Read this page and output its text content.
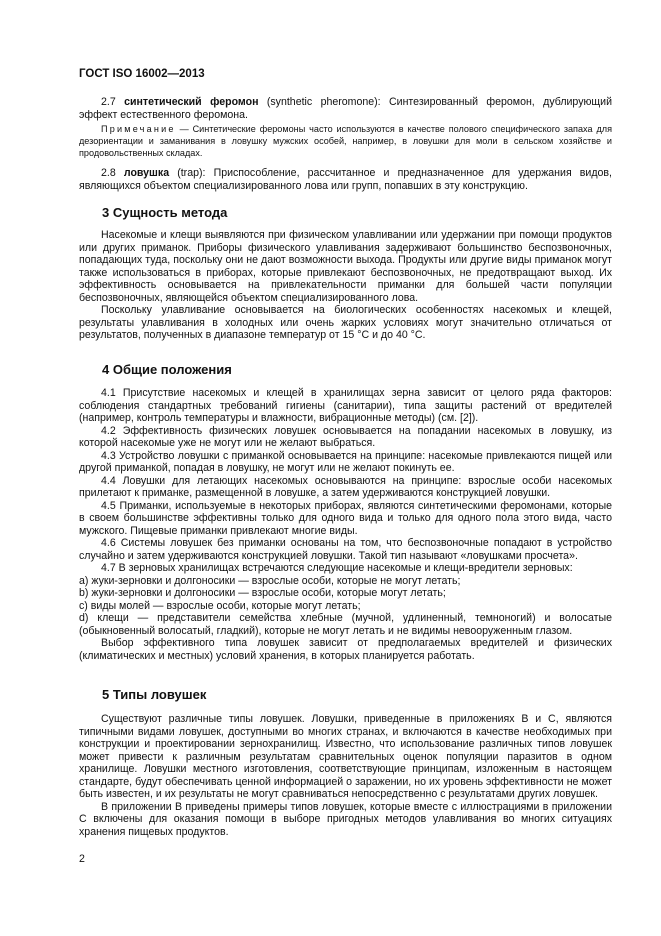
ГОСТ ISO 16002—2013

2.7 синтетический феромон (synthetic pheromone): Синтезированный феромон, дублирующий эффект естественного феромона.

Примечание — Синтетические феромоны часто используются в качестве полового специфического запаха для дезориентации и заманивания в ловушку мужских особей, например, в ловушки для моли в сельском хозяйстве и продовольственных складах.

2.8 ловушка (trap): Приспособление, рассчитанное и предназначенное для удержания видов, являющихся объектом специализированного лова или групп, попавших в эту конструкцию.

3 Сущность метода

Насекомые и клещи выявляются при физическом улавливании или удержании при помощи продуктов или других приманок. Приборы физического улавливания задерживают большинство беспозвоночных, попадающих туда, поскольку они не дают возможности выхода. Продукты или другие виды приманок могут также использоваться в приборах, которые привлекают беспозвоночных, не предотвращают выход. Их эффективность основывается на привлекательности приманки для большей части популяции беспозвоночных, являющейся объектом специализированного лова.

Поскольку улавливание основывается на биологических особенностях насекомых и клещей, результаты улавливания в холодных или очень жарких условиях могут значительно отличаться от результатов, полученных в диапазоне температур от 15 °С и до 40 °С.

4 Общие положения

4.1 Присутствие насекомых и клещей в хранилищах зерна зависит от целого ряда факторов: соблюдения стандартных требований гигиены (санитарии), типа защиты растений от вредителей (например, контроль температуры и влажности, вибрационные методы) (см. [2]).

4.2 Эффективность физических ловушек основывается на попадании насекомых в ловушку, из которой насекомые уже не могут или не желают выбраться.

4.3 Устройство ловушки с приманкой основывается на принципе: насекомые привлекаются пищей или другой приманкой, попадая в ловушку, не могут или не желают покинуть ее.

4.4 Ловушки для летающих насекомых основываются на принципе: взрослые особи насекомых прилетают к приманке, размещенной в ловушке, а затем удерживаются конструкцией ловушки.

4.5 Приманки, используемые в некоторых приборах, являются синтетическими феромонами, которые в своем большинстве эффективны только для одного вида и только для одного пола этого вида, часто мужского. Пищевые приманки привлекают многие виды.

4.6 Системы ловушек без приманки основаны на том, что беспозвоночные попадают в устройство случайно и затем удерживаются конструкцией ловушки. Такой тип называют «ловушками просчета».

4.7 В зерновых хранилищах встречаются следующие насекомые и клещи-вредители зерновых:

а) жуки-зерновки и долгоносики — взрослые особи, которые не могут летать;

b) жуки-зерновки и долгоносики — взрослые особи, которые могут летать;

c) виды молей — взрослые особи, которые могут летать;

d) клещи — представители семейства хлебные (мучной, удлиненный, темноногий) и волосатые (обыкновенный волосатый, гладкий), которые не могут летать и не видимы невооруженным глазом.

Выбор эффективного типа ловушек зависит от предполагаемых вредителей и физических (климатических и местных) условий хранения, в которых планируется работать.

5 Типы ловушек

Существуют различные типы ловушек. Ловушки, приведенные в приложениях В и С, являются типичными видами ловушек, доступными во многих странах, и включаются в качестве необходимых при конструкции и проектировании зернохранилищ. Известно, что использование различных типов ловушек может привести к различным результатам сравнительных оценок популяции паразитов в одном хранилище. Ловушки местного изготовления, соответствующие принципам, изложенным в настоящем стандарте, будут обеспечивать ценной информацией о заражении, но их уровень эффективности не может быть известен, и их результаты не могут сравниваться непосредственно с результатами других ловушек.

В приложении В приведены примеры типов ловушек, которые вместе с иллюстрациями в приложении С включены для оказания помощи в выборе пригодных методов улавливания во многих ситуациях хранения пищевых продуктов.

2
